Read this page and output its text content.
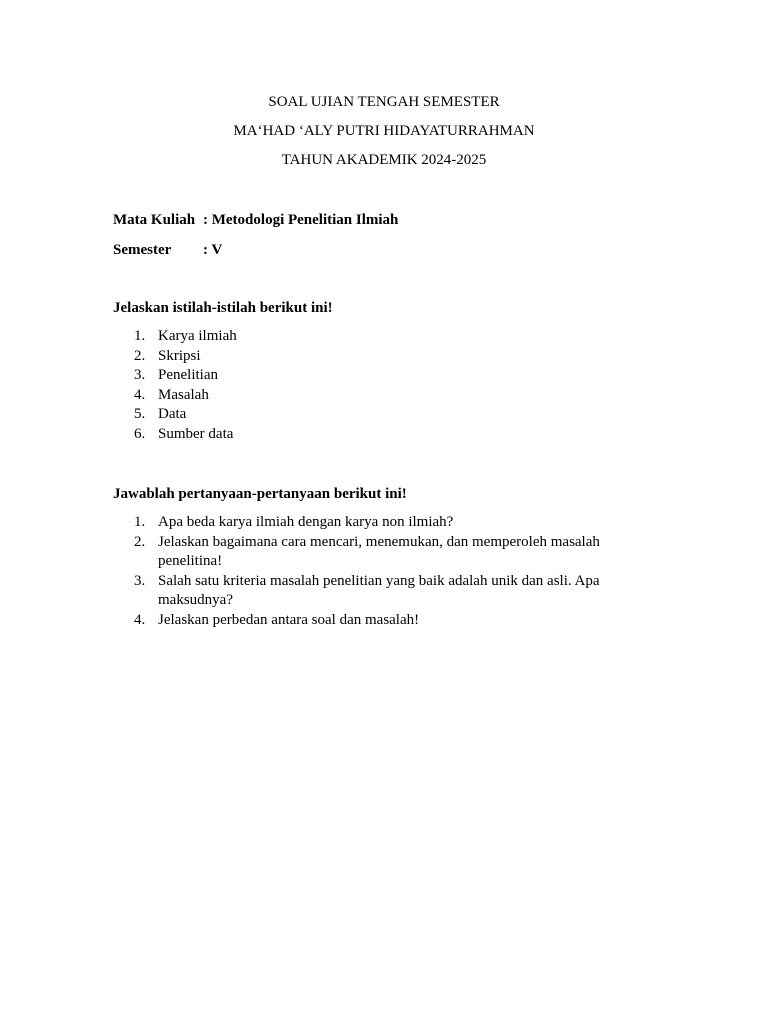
SOAL UJIAN TENGAH SEMESTER
MA‘HAD ‘ALY PUTRI HIDAYATURRAHMAN
TAHUN AKADEMIK 2024-2025
Mata Kuliah : Metodologi Penelitian Ilmiah
Semester	: V
Jelaskan istilah-istilah berikut ini!
1. Karya ilmiah
2. Skripsi
3. Penelitian
4. Masalah
5. Data
6. Sumber data
Jawablah pertanyaan-pertanyaan berikut ini!
1. Apa beda karya ilmiah dengan karya non ilmiah?
2. Jelaskan bagaimana cara mencari, menemukan, dan memperoleh masalah penelitina!
3. Salah satu kriteria masalah penelitian yang baik adalah unik dan asli. Apa maksudnya?
4. Jelaskan perbedan antara soal dan masalah!
